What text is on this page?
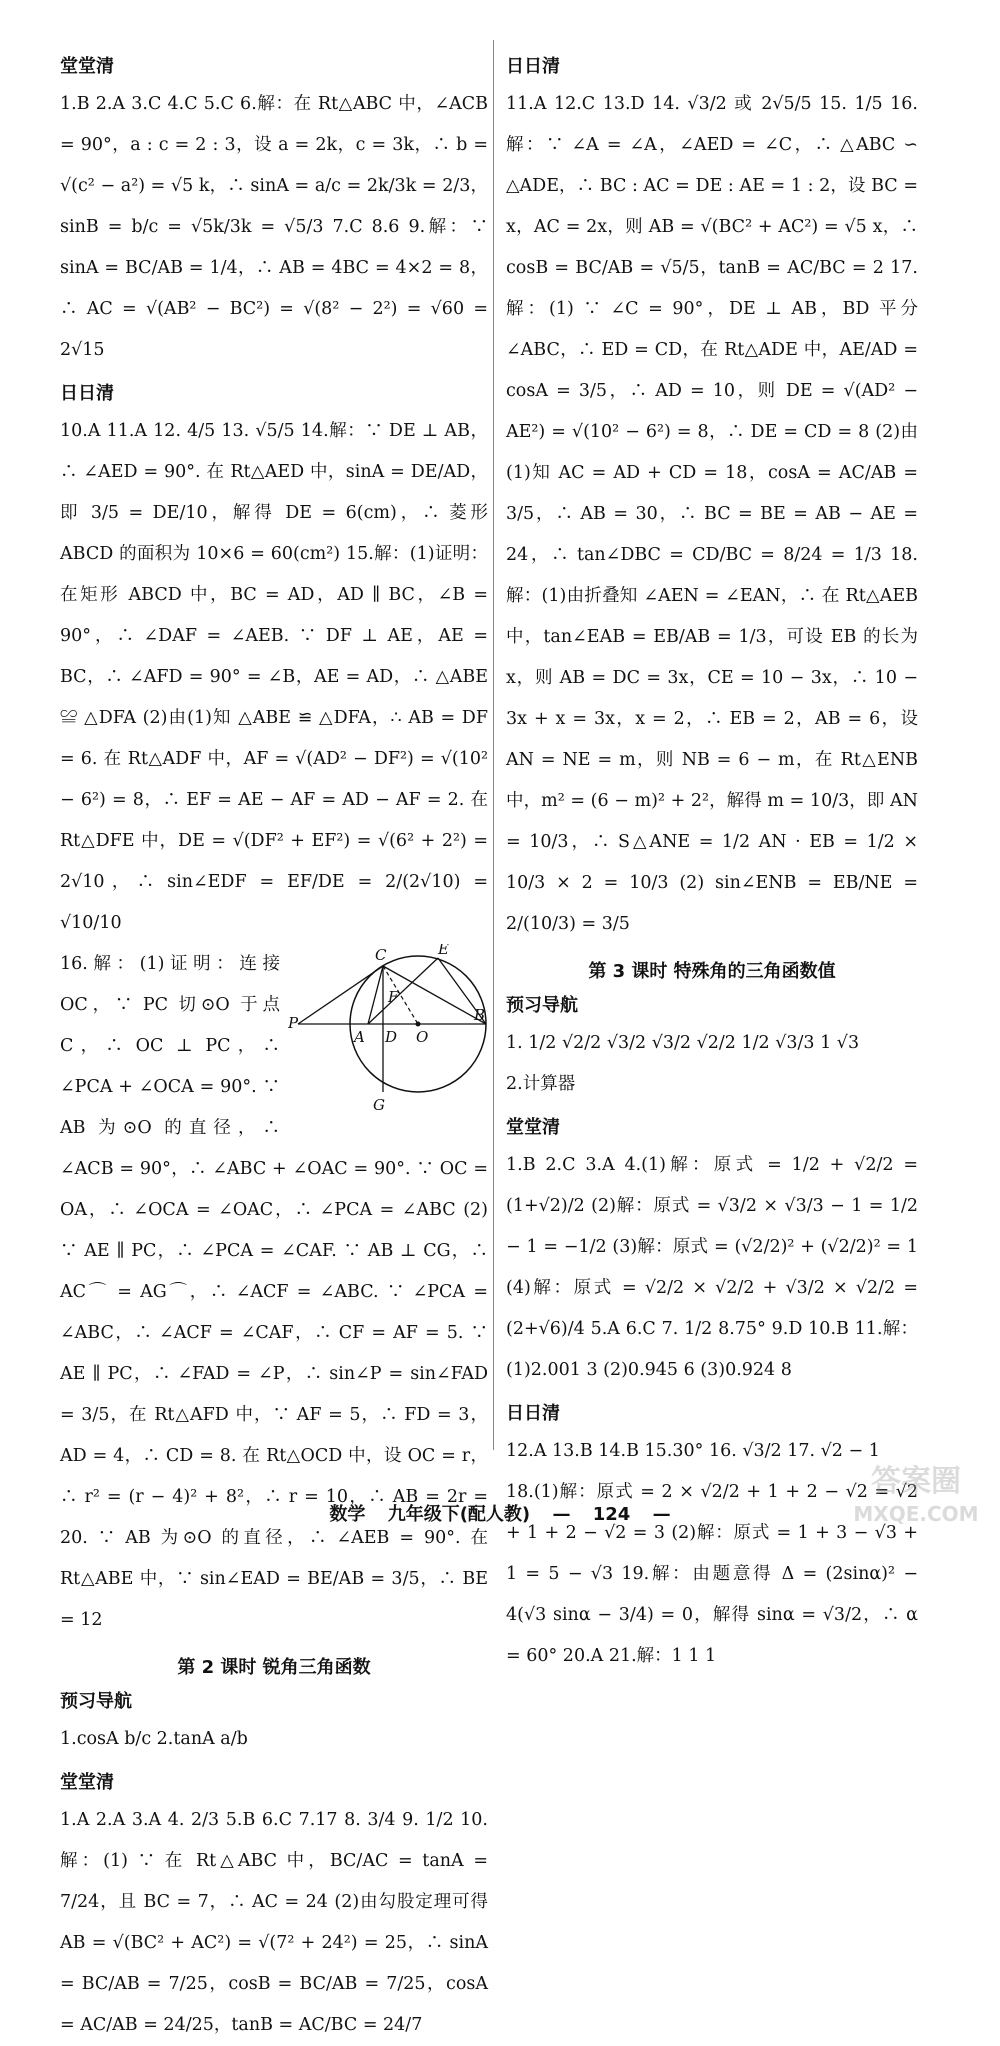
堂堂清

1.B 2.A 3.C 4.C 5.C 6.解：在 Rt△ABC 中，∠ACB = 90°，a : c = 2 : 3，设 a = 2k，c = 3k，∴ b = √(c² − a²) = √5 k，∴ sinA = a/c = 2k/3k = 2/3，sinB = b/c = √5k/3k = √5/3 7.C 8.6 9.解：∵ sinA = BC/AB = 1/4，∴ AB = 4BC = 4×2 = 8，∴ AC = √(AB² − BC²) = √(8² − 2²) = √60 = 2√15

日日清

10.A 11.A 12. 4/5 13. √5/5 14.解：∵ DE ⊥ AB，∴ ∠AED = 90°. 在 Rt△AED 中，sinA = DE/AD，即 3/5 = DE/10，解得 DE = 6(cm)，∴ 菱形 ABCD 的面积为 10×6 = 60(cm²) 15.解：(1)证明：在矩形 ABCD 中，BC = AD，AD ∥ BC，∠B = 90°，∴ ∠DAF = ∠AEB. ∵ DF ⊥ AE，AE = BC，∴ ∠AFD = 90° = ∠B，AE = AD，∴ △ABE ≌ △DFA (2)由(1)知 △ABE ≌ △DFA，∴ AB = DF = 6. 在 Rt△ADF 中，AF = √(AD² − DF²) = √(10² − 6²) = 8，∴ EF = AE − AF = AD − AF = 2. 在 Rt△DFE 中，DE = √(DF² + EF²) = √(6² + 2²) = 2√10，∴ sin∠EDF = EF/DE = 2/(2√10) = √10/10

C	E
F
P
A D O
B
G

16.解：(1)证明：连接 OC，∵ PC 切⊙O 于点 C，∴ OC ⊥ PC，∴ ∠PCA + ∠OCA = 90°. ∵ AB 为⊙O 的直径，∴ ∠ACB = 90°，∴ ∠ABC + ∠OAC = 90°. ∵ OC = OA，∴ ∠OCA = ∠OAC，∴ ∠PCA = ∠ABC (2) ∵ AE ∥ PC，∴ ∠PCA = ∠CAF. ∵ AB ⊥ CG，∴ AC⌒ = AG⌒，∴ ∠ACF = ∠ABC. ∵ ∠PCA = ∠ABC，∴ ∠ACF = ∠CAF，∴ CF = AF = 5. ∵ AE ∥ PC，∴ ∠FAD = ∠P，∴ sin∠P = sin∠FAD = 3/5，在 Rt△AFD 中，∵ AF = 5，∴ FD = 3，AD = 4，∴ CD = 8. 在 Rt△OCD 中，设 OC = r，∴ r² = (r − 4)² + 8²，∴ r = 10，∴ AB = 2r = 20. ∵ AB 为⊙O 的直径，∴ ∠AEB = 90°. 在 Rt△ABE 中，∵ sin∠EAD = BE/AB = 3/5，∴ BE = 12

第 2 课时 锐角三角函数
预习导航

1.cosA b/c 2.tanA a/b

堂堂清

1.A 2.A 3.A 4. 2/3 5.B 6.C 7.17 8. 3/4 9. 1/2 10.解：(1) ∵ 在 Rt△ABC 中，BC/AC = tanA = 7/24，且 BC = 7，∴ AC = 24 (2)由勾股定理可得 AB = √(BC² + AC²) = √(7² + 24²) = 25，∴ sinA = BC/AB = 7/25，cosB = BC/AB = 7/25，cosA = AC/AB = 24/25，tanB = AC/BC = 24/7

日日清

11.A 12.C 13.D 14. √3/2 或 2√5/5 15. 1/5 16.解：∵ ∠A = ∠A，∠AED = ∠C，∴ △ABC ∽ △ADE，∴ BC : AC = DE : AE = 1 : 2，设 BC = x，AC = 2x，则 AB = √(BC² + AC²) = √5 x，∴ cosB = BC/AB = √5/5，tanB = AC/BC = 2 17.解：(1) ∵ ∠C = 90°，DE ⊥ AB，BD 平分 ∠ABC，∴ ED = CD，在 Rt△ADE 中，AE/AD = cosA = 3/5，∴ AD = 10，则 DE = √(AD² − AE²) = √(10² − 6²) = 8，∴ DE = CD = 8 (2)由(1)知 AC = AD + CD = 18，cosA = AC/AB = 3/5，∴ AB = 30，∴ BC = BE = AB − AE = 24，∴ tan∠DBC = CD/BC = 8/24 = 1/3 18.解：(1)由折叠知 ∠AEN = ∠EAN，∴ 在 Rt△AEB 中，tan∠EAB = EB/AB = 1/3，可设 EB 的长为 x，则 AB = DC = 3x，CE = 10 − 3x，∴ 10 − 3x + x = 3x，x = 2，∴ EB = 2，AB = 6，设 AN = NE = m，则 NB = 6 − m，在 Rt△ENB 中，m² = (6 − m)² + 2²，解得 m = 10/3，即 AN = 10/3，∴ S△ANE = 1/2 AN · EB = 1/2 × 10/3 × 2 = 10/3 (2) sin∠ENB = EB/NE = 2/(10/3) = 3/5

第 3 课时 特殊角的三角函数值
预习导航

1. 1/2 √2/2 √3/2 √3/2 √2/2 1/2 √3/3 1 √3

2.计算器

堂堂清

1.B 2.C 3.A 4.(1)解：原式 = 1/2 + √2/2 = (1+√2)/2 (2)解：原式 = √3/2 × √3/3 − 1 = 1/2 − 1 = −1/2 (3)解：原式 = (√2/2)² + (√2/2)² = 1 (4)解：原式 = √2/2 × √2/2 + √3/2 × √2/2 = (2+√6)/4 5.A 6.C 7. 1/2 8.75° 9.D 10.B 11.解：(1)2.001 3 (2)0.945 6 (3)0.924 8

日日清

12.A 13.B 14.B 15.30° 16. √3/2 17. √2 − 1

18.(1)解：原式 = 2 × √2/2 + 1 + 2 − √2 = √2 + 1 + 2 − √2 = 3 (2)解：原式 = 1 + 3 − √3 + 1 = 5 − √3 19.解：由题意得 Δ = (2sinα)² − 4(√3 sinα − 3/4) = 0，解得 sinα = √3/2，∴ α = 60° 20.A 21.解：1 1 1

数学 九年级下(配人教) — 124 —
答案圈
MXQE.COM
